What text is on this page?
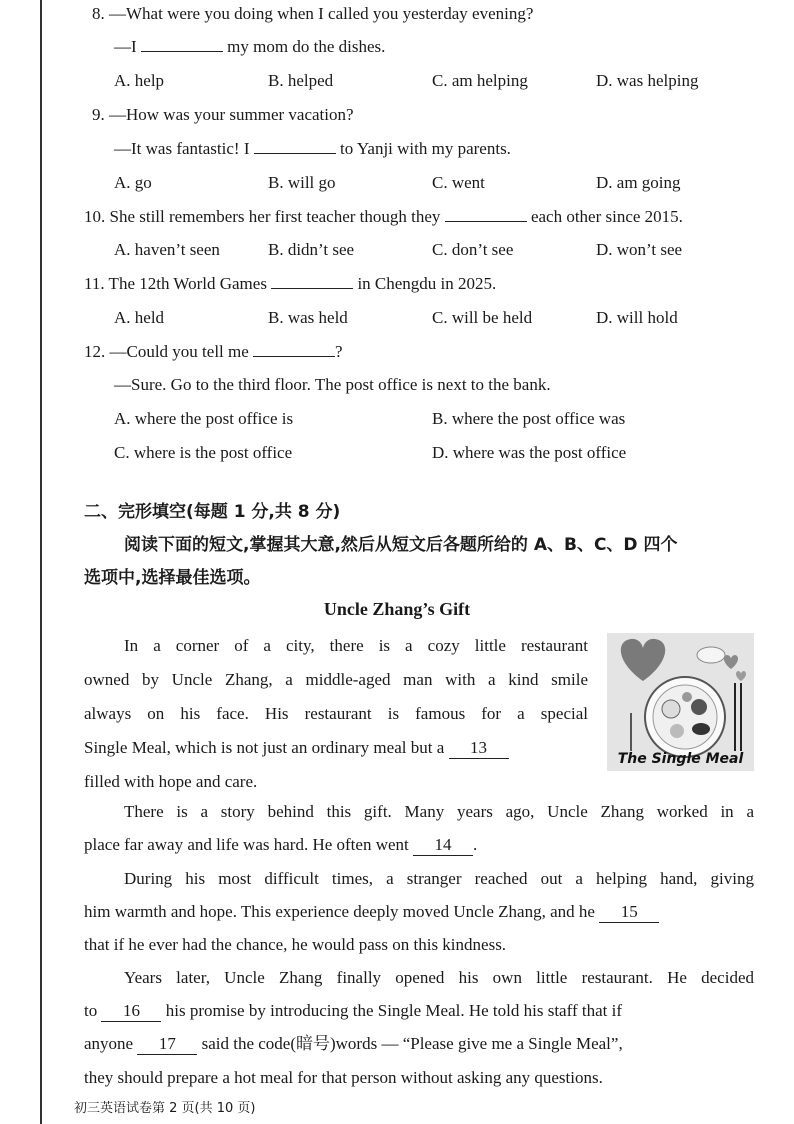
8. —What were you doing when I called you yesterday evening?
—I	my mom do the dishes.
A. help	B. helped	C. am helping	D. was helping
9. —How was your summer vacation?
—It was fantastic! I	to Yanji with my parents.
A. go	B. will go	C. went	D. am going
10. She still remembers her first teacher though they	each other since 2015.
A. haven’t seen	B. didn’t see	C. don’t see	D. won’t see
11. The 12th World Games	in Chengdu in 2025.
A. held	B. was held	C. will be held	D. will hold
12. —Could you tell me	?
—Sure. Go to the third floor. The post office is next to the bank.
A. where the post office is	B. where the post office was
C. where is the post office	D. where was the post office
二、完形填空(每题 1 分,共 8 分)
阅读下面的短文,掌握其大意,然后从短文后各题所给的 A、B、C、D 四个
选项中,选择最佳选项。
Uncle Zhang’s Gift
In a corner of a city, there is a cozy little restaurant
owned by Uncle Zhang, a middle-aged man with a kind smile
always on his face. His restaurant is famous for a special
Single Meal, which is not just an ordinary meal but a 13
filled with hope and care.
The Single Meal
There is a story behind this gift. Many years ago, Uncle Zhang worked in a
place far away and life was hard. He often went 14 .
During his most difficult times, a stranger reached out a helping hand, giving
him warmth and hope. This experience deeply moved Uncle Zhang, and he 15
that if he ever had the chance, he would pass on this kindness.
Years later, Uncle Zhang finally opened his own little restaurant. He decided
to 16 his promise by introducing the Single Meal. He told his staff that if
anyone 17 said the code(暗号)words — “Please give me a Single Meal”,
they should prepare a hot meal for that person without asking any questions.
初三英语试卷第 2 页(共 10 页)
